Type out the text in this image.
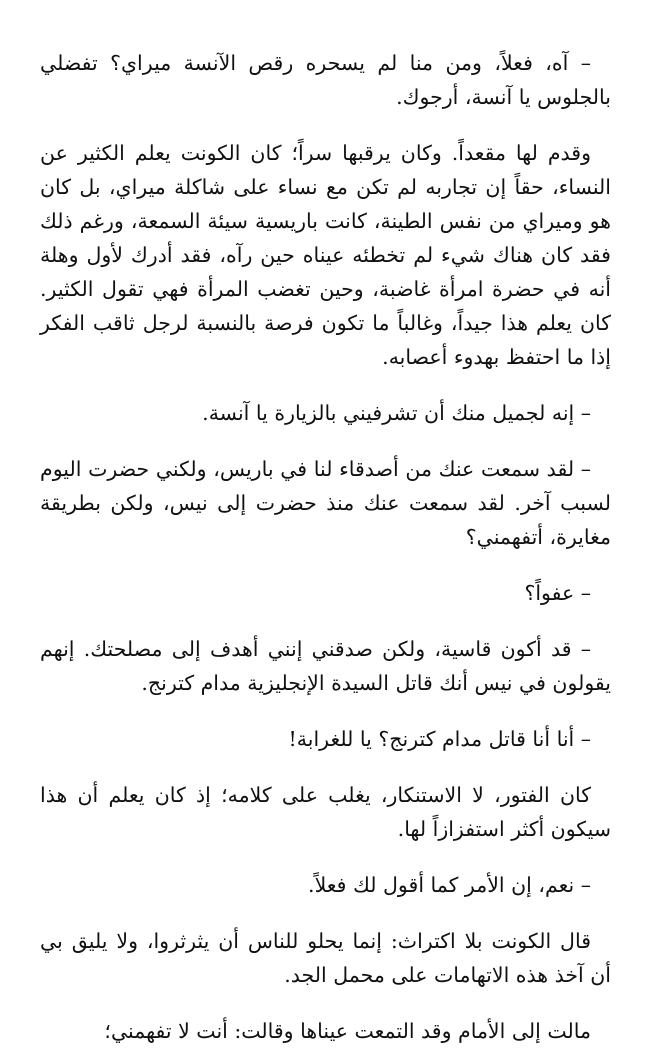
– آه، فعلاً، ومن منا لم يسحره رقص الآنسة ميراي؟ تفضلي بالجلوس يا آنسة، أرجوك.

وقدم لها مقعداً. وكان يرقبها سراً؛ كان الكونت يعلم الكثير عن النساء، حقاً إن تجاربه لم تكن مع نساء على شاكلة ميراي، بل كان هو وميراي من نفس الطينة، كانت باريسية سيئة السمعة، ورغم ذلك فقد كان هناك شيء لم تخطئه عيناه حين رآه، فقد أدرك لأول وهلة أنه في حضرة امرأة غاضبة، وحين تغضب المرأة فهي تقول الكثير. كان يعلم هذا جيداً، وغالباً ما تكون فرصة بالنسبة لرجل ثاقب الفكر إذا ما احتفظ بهدوء أعصابه.

– إنه لجميل منك أن تشرفيني بالزيارة يا آنسة.

– لقد سمعت عنك من أصدقاء لنا في باريس، ولكني حضرت اليوم لسبب آخر. لقد سمعت عنك منذ حضرت إلى نيس، ولكن بطريقة مغايرة، أتفهمني؟

– عفواً؟

– قد أكون قاسية، ولكن صدقني إنني أهدف إلى مصلحتك. إنهم يقولون في نيس أنك قاتل السيدة الإنجليزية مدام كترنج.

– أنا أنا قاتل مدام كترنج؟ يا للغرابة!

كان الفتور، لا الاستنكار، يغلب على كلامه؛ إذ كان يعلم أن هذا سيكون أكثر استفزازاً لها.

– نعم، إن الأمر كما أقول لك فعلاً.

قال الكونت بلا اكتراث: إنما يحلو للناس أن يثرثروا، ولا يليق بي أن آخذ هذه الاتهامات على محمل الجد.

مالت إلى الأمام وقد التمعت عيناها وقالت: أنت لا تفهمني؛
